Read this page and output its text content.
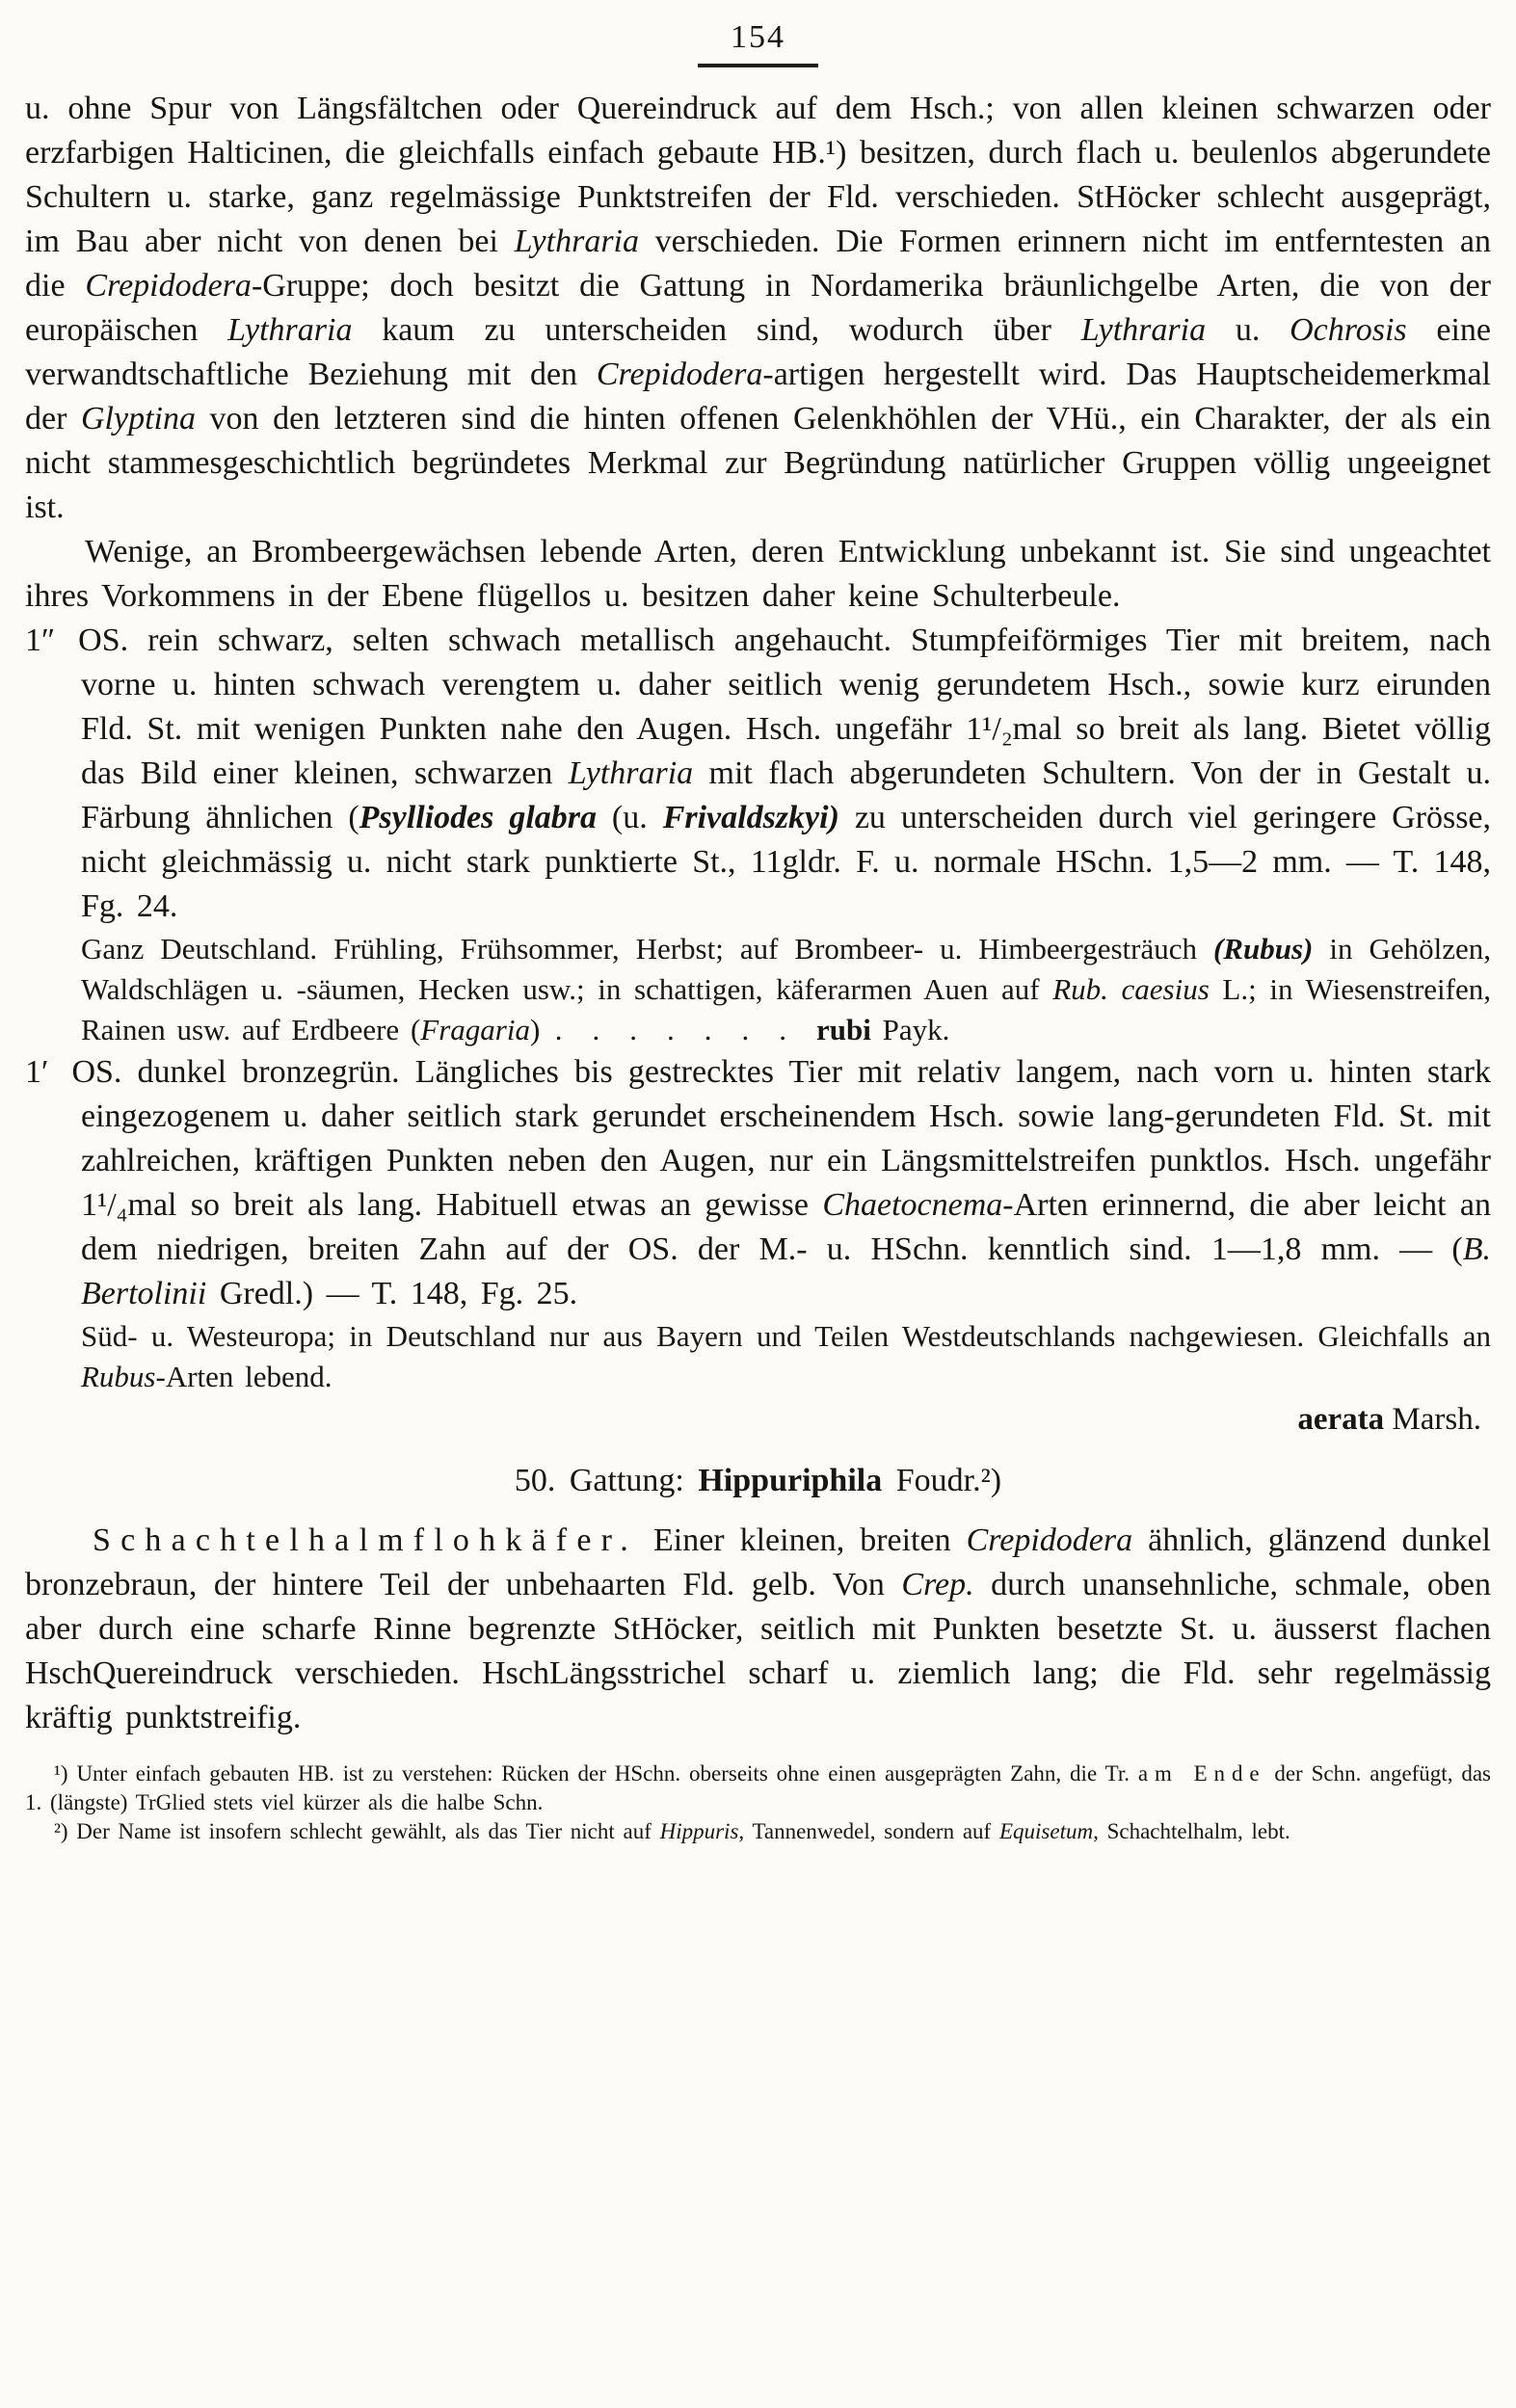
154

u. ohne Spur von Längsfältchen oder Quereindruck auf dem Hsch.; von allen kleinen schwarzen oder erzfarbigen Halticinen, die gleichfalls einfach gebaute HB.¹) besitzen, durch flach u. beulenlos abgerundete Schultern u. starke, ganz regelmässige Punktstreifen der Fld. verschieden. StHöcker schlecht ausgeprägt, im Bau aber nicht von denen bei Lythraria verschieden. Die Formen erinnern nicht im entferntesten an die Crepidodera-Gruppe; doch besitzt die Gattung in Nordamerika bräunlichgelbe Arten, die von der europäischen Lythraria kaum zu unterscheiden sind, wodurch über Lythraria u. Ochrosis eine verwandtschaftliche Beziehung mit den Crepidodera-artigen hergestellt wird. Das Hauptscheidemerkmal der Glyptina von den letzteren sind die hinten offenen Gelenkhöhlen der VHü., ein Charakter, der als ein nicht stammesgeschichtlich begründetes Merkmal zur Begründung natürlicher Gruppen völlig ungeeignet ist.

Wenige, an Brombeergewächsen lebende Arten, deren Entwicklung unbekannt ist. Sie sind ungeachtet ihres Vorkommens in der Ebene flügellos u. besitzen daher keine Schulterbeule.

1″ OS. rein schwarz, selten schwach metallisch angehaucht. Stumpfeiförmiges Tier mit breitem, nach vorne u. hinten schwach verengtem u. daher seitlich wenig gerundetem Hsch., sowie kurz eirunden Fld. St. mit wenigen Punkten nahe den Augen. Hsch. ungefähr 1¹/₂mal so breit als lang. Bietet völlig das Bild einer kleinen, schwarzen Lythraria mit flach abgerundeten Schultern. Von der in Gestalt u. Färbung ähnlichen (Psylliodes glabra (u. Frivaldszkyi) zu unterscheiden durch viel geringere Grösse, nicht gleichmässig u. nicht stark punktierte St., 11gldr. F. u. normale HSchn. 1,5—2 mm. — T. 148, Fg. 24.

Ganz Deutschland. Frühling, Frühsommer, Herbst; auf Brombeer- u. Himbeergesträuch (Rubus) in Gehölzen, Waldschlägen u. -säumen, Hecken usw.; in schattigen, käferarmen Auen auf Rub. caesius L.; in Wiesenstreifen, Rainen usw. auf Erdbeere (Fragaria) .  .  .  .  .  .  .  rubi Payk.

1′ OS. dunkel bronzegrün. Längliches bis gestrecktes Tier mit relativ langem, nach vorn u. hinten stark eingezogenem u. daher seitlich stark gerundet erscheinendem Hsch. sowie lang-gerundeten Fld. St. mit zahlreichen, kräftigen Punkten neben den Augen, nur ein Längsmittelstreifen punktlos. Hsch. ungefähr 1¹/₄mal so breit als lang. Habituell etwas an gewisse Chaetocnema-Arten erinnernd, die aber leicht an dem niedrigen, breiten Zahn auf der OS. der M.- u. HSchn. kenntlich sind. 1—1,8 mm. — (B. Bertolinii Gredl.) — T. 148, Fg. 25.

Süd- u. Westeuropa; in Deutschland nur aus Bayern und Teilen Westdeutschlands nachgewiesen. Gleichfalls an Rubus-Arten lebend.

aerata Marsh.

50. Gattung: Hippuriphila Foudr.²)

Schachtelhalmflohkäfer. Einer kleinen, breiten Crepidodera ähnlich, glänzend dunkel bronzebraun, der hintere Teil der unbehaarten Fld. gelb. Von Crep. durch unansehnliche, schmale, oben aber durch eine scharfe Rinne begrenzte StHöcker, seitlich mit Punkten besetzte St. u. äusserst flachen HschQuereindruck verschieden. HschLängsstrichel scharf u. ziemlich lang; die Fld. sehr regelmässig kräftig punktstreifig.

¹) Unter einfach gebauten HB. ist zu verstehen: Rücken der HSchn. oberseits ohne einen ausgeprägten Zahn, die Tr. am Ende der Schn. angefügt, das 1. (längste) TrGlied stets viel kürzer als die halbe Schn.

²) Der Name ist insofern schlecht gewählt, als das Tier nicht auf Hippuris, Tannenwedel, sondern auf Equisetum, Schachtelhalm, lebt.
